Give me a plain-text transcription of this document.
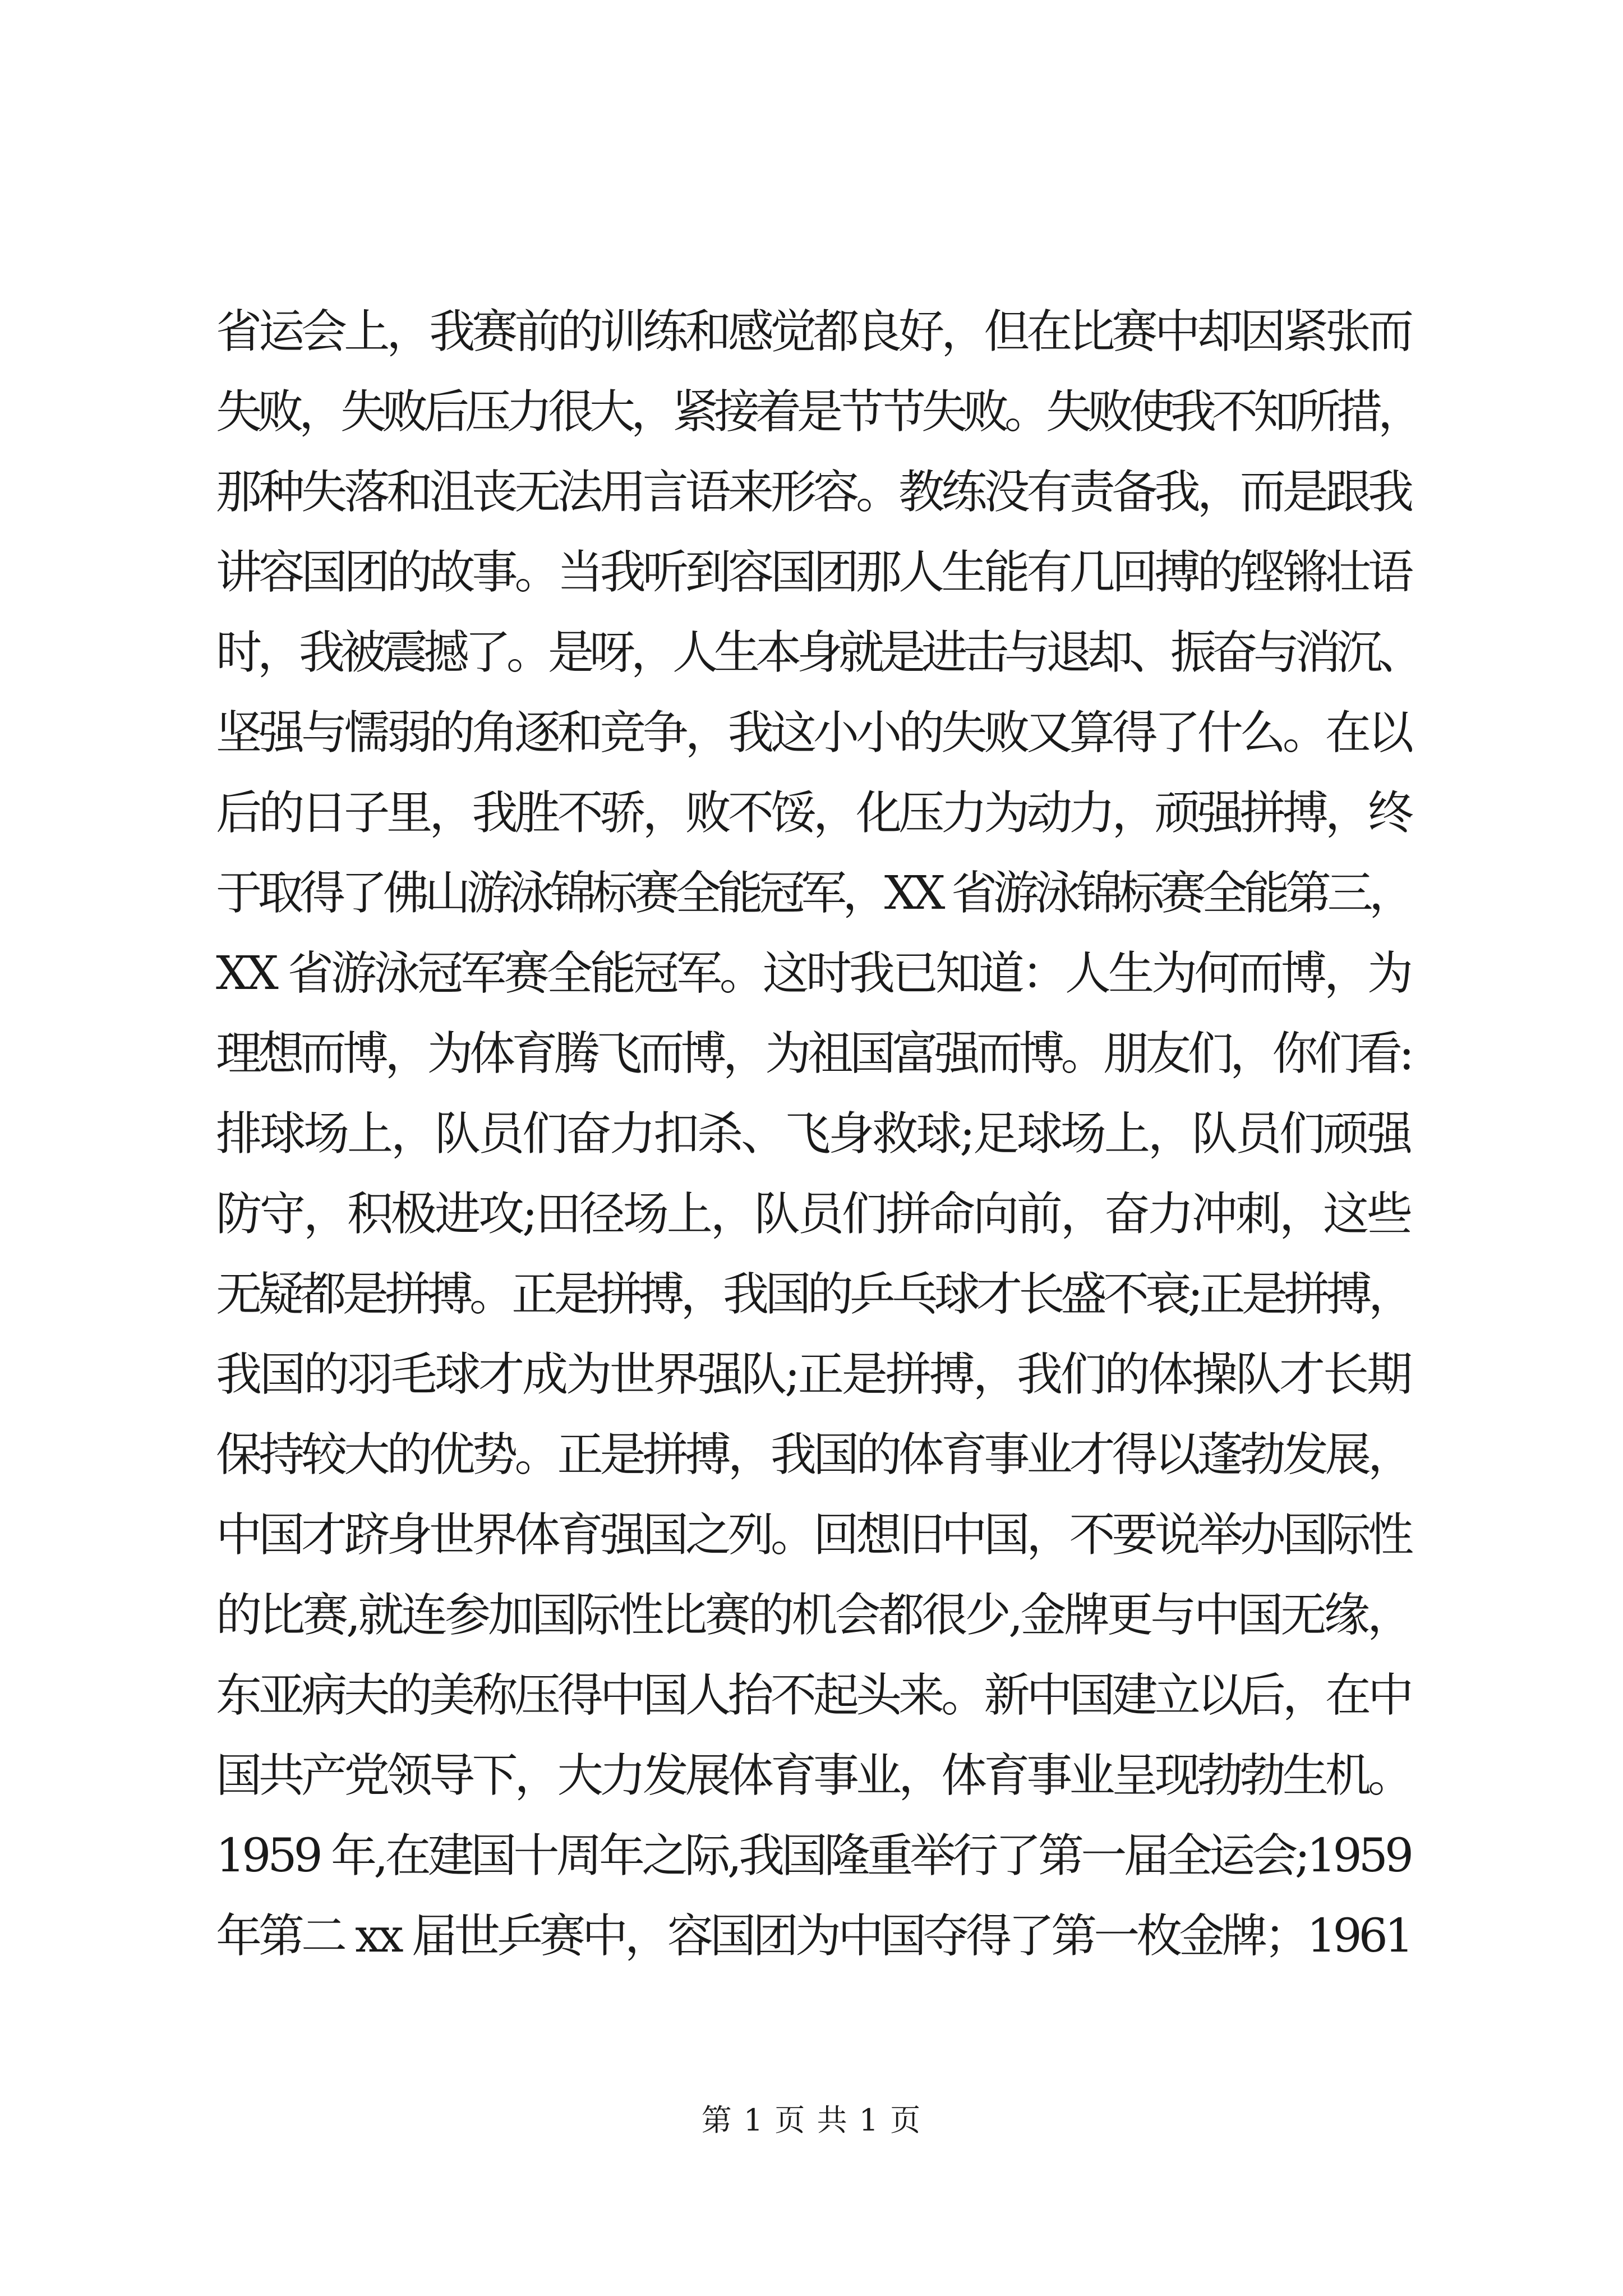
省运会上，我赛前的训练和感觉都良好，但在比赛中却因紧张而
失败，失败后压力很大，紧接着是节节失败。失败使我不知所措，
那种失落和沮丧无法用言语来形容。教练没有责备我，而是跟我
讲容国团的故事。当我听到容国团那人生能有几回搏的铿锵壮语
时，我被震撼了。是呀，人生本身就是进击与退却、振奋与消沉、
坚强与懦弱的角逐和竞争，我这小小的失败又算得了什么。在以
后的日子里，我胜不骄，败不馁，化压力为动力，顽强拼搏，终
于取得了佛山游泳锦标赛全能冠军，XX 省游泳锦标赛全能第三，
XX 省游泳冠军赛全能冠军。这时我已知道：人生为何而博，为
理想而博，为体育腾飞而博，为祖国富强而博。朋友们，你们看:
排球场上，队员们奋力扣杀、飞身救球;足球场上，队员们顽强
防守，积极进攻;田径场上，队员们拼命向前，奋力冲刺，这些
无疑都是拼搏。正是拼搏，我国的乒乓球才长盛不衰;正是拼搏，
我国的羽毛球才成为世界强队;正是拼搏，我们的体操队才长期
保持较大的优势。正是拼搏，我国的体育事业才得以蓬勃发展，
中国才跻身世界体育强国之列。回想旧中国，不要说举办国际性
的比赛,就连参加国际性比赛的机会都很少,金牌更与中国无缘，
东亚病夫的美称压得中国人抬不起头来。新中国建立以后，在中
国共产党领导下，大力发展体育事业，体育事业呈现勃勃生机。
1959 年,在建国十周年之际,我国隆重举行了第一届全运会;1959
年第二 xx 届世乒赛中，容国团为中国夺得了第一枚金牌；1961
第 1 页 共 1 页
